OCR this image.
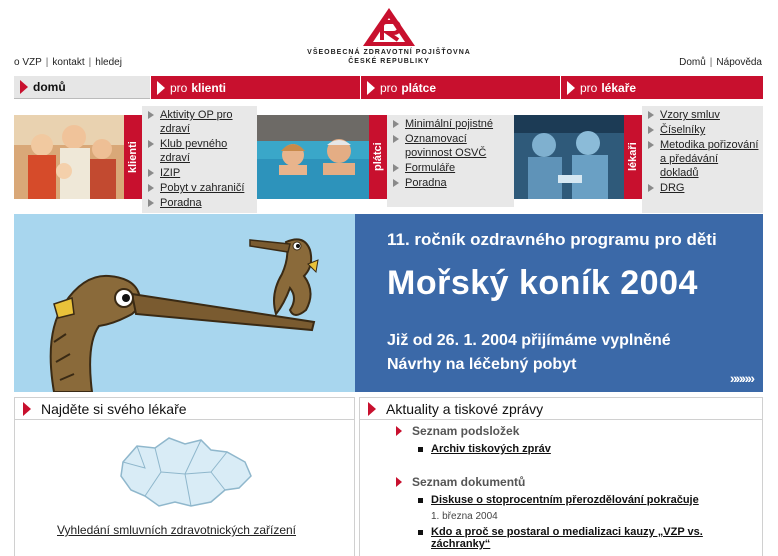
o VZP | kontakt | hledej	Domů | Nápověda
VŠEOBECNÁ ZDRAVOTNÍ POJIŠŤOVNA
ČESKÉ REPUBLIKY
domů	pro klienti	pro plátce	pro lékaře
klienti
Aktivity OP pro zdraví
Klub pevného zdraví
IZIP
Pobyt v zahraničí
Poradna
plátci
Minimální pojistné
Oznamovací povinnost OSVČ
Formuláře
Poradna
lékaři
Vzory smluv
Číselníky
Metodika pořizování a předávání dokladů
DRG
11. ročník ozdravného programu pro děti
Mořský koník 2004
Již od 26. 1. 2004 přijímáme vyplněné
Návrhy na léčebný pobyt
»»»»
Najděte si svého lékaře
Vyhledání smluvních zdravotnických zařízení
Aktuality a tiskové zprávy
Seznam podsložek
Archiv tiskových zpráv
Seznam dokumentů
Diskuse o stoprocentním přerozdělování pokračuje
1. března 2004
Kdo a proč se postaral o medializaci kauzy „VZP vs. záchranky“
